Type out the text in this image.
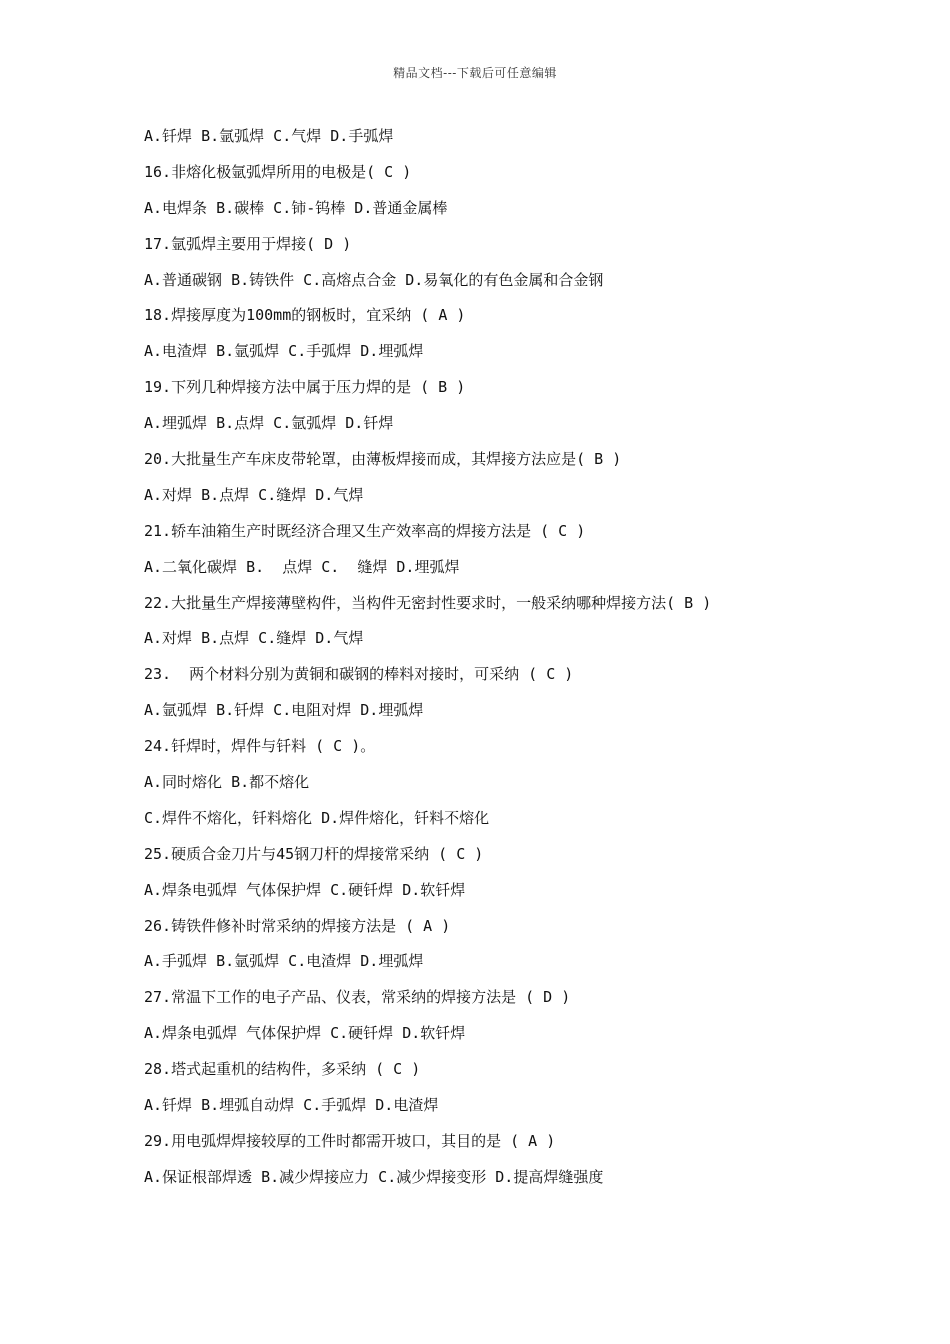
精品文档---下载后可任意编辑
A.钎焊 B.氩弧焊 C.气焊 D.手弧焊
16.非熔化极氩弧焊所用的电极是( C )
A.电焊条 B.碳棒 C.铈-钨棒 D.普通金属棒
17.氩弧焊主要用于焊接( D )
A.普通碳钢 B.铸铁件 C.高熔点合金 D.易氧化的有色金属和合金钢
18.焊接厚度为100mm的钢板时，宜采纳 ( A )
A.电渣焊 B.氩弧焊 C.手弧焊 D.埋弧焊
19.下列几种焊接方法中属于压力焊的是 ( B )
A.埋弧焊 B.点焊 C.氩弧焊 D.钎焊
20.大批量生产车床皮带轮罩，由薄板焊接而成，其焊接方法应是( B )
A.对焊 B.点焊 C.缝焊 D.气焊
21.轿车油箱生产时既经济合理又生产效率高的焊接方法是 ( C )
A.二氧化碳焊 B.  点焊 C.  缝焊 D.埋弧焊
22.大批量生产焊接薄壁构件，当构件无密封性要求时，一般采纳哪种焊接方法( B )
A.对焊 B.点焊 C.缝焊 D.气焊
23.  两个材料分别为黄铜和碳钢的棒料对接时，可采纳 ( C )
A.氩弧焊 B.钎焊 C.电阻对焊 D.埋弧焊
24.钎焊时，焊件与钎料 ( C )。
A.同时熔化 B.都不熔化
C.焊件不熔化，钎料熔化 D.焊件熔化，钎料不熔化
25.硬质合金刀片与45钢刀杆的焊接常采纳 ( C )
A.焊条电弧焊 气体保护焊 C.硬钎焊 D.软钎焊
26.铸铁件修补时常采纳的焊接方法是 ( A )
A.手弧焊 B.氩弧焊 C.电渣焊 D.埋弧焊
27.常温下工作的电子产品、仪表，常采纳的焊接方法是 ( D )
A.焊条电弧焊 气体保护焊 C.硬钎焊 D.软钎焊
28.塔式起重机的结构件，多采纳 ( C )
A.钎焊 B.埋弧自动焊 C.手弧焊 D.电渣焊
29.用电弧焊焊接较厚的工件时都需开坡口，其目的是 ( A )
A.保证根部焊透 B.减少焊接应力 C.减少焊接变形 D.提高焊缝强度
